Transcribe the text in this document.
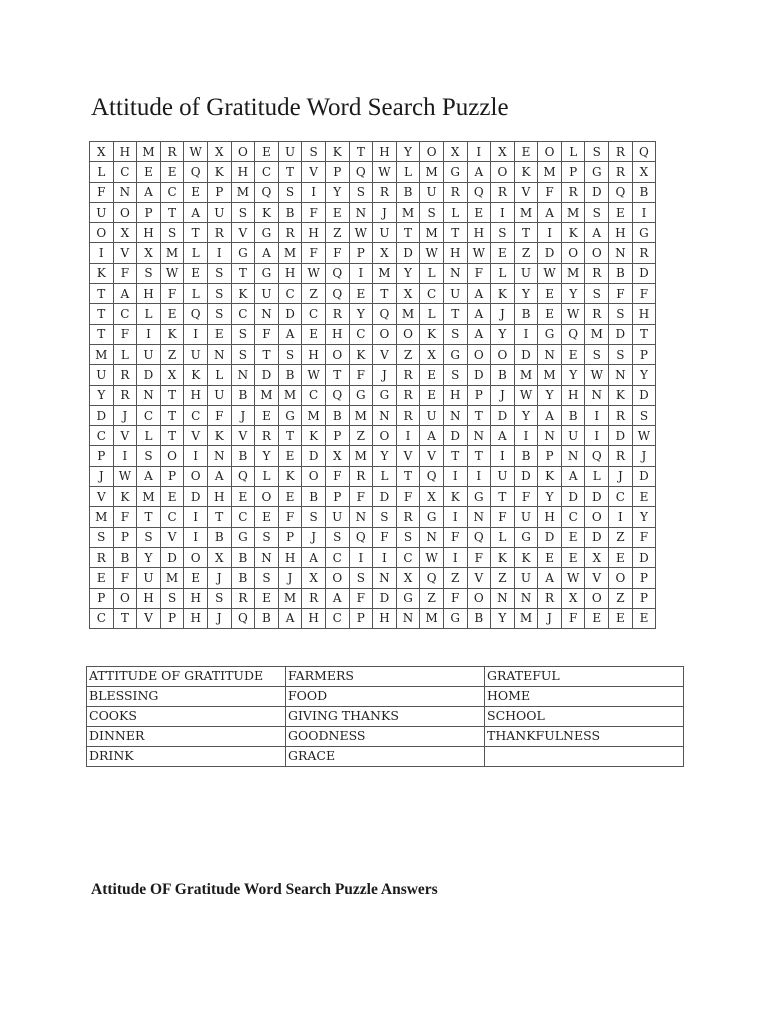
Attitude of Gratitude Word Search Puzzle
X	H	M	R	W	X	O	E	U	S	K	T	H	Y	O	X	I	X	E	O	L	S	R	Q
L	C	E	E	Q	K	H	C	T	V	P	Q	W	L	M	G	A	O	K	M	P	G	R	X
F	N	A	C	E	P	M	Q	S	I	Y	S	R	B	U	R	Q	R	V	F	R	D	Q	B
U	O	P	T	A	U	S	K	B	F	E	N	J	M	S	L	E	I	M	A	M	S	E	I
O	X	H	S	T	R	V	G	R	H	Z	W	U	T	M	T	H	S	T	I	K	A	H	G
I	V	X	M	L	I	G	A	M	F	F	P	X	D	W	H	W	E	Z	D	O	O	N	R
K	F	S	W	E	S	T	G	H	W	Q	I	M	Y	L	N	F	L	U	W	M	R	B	D
T	A	H	F	L	S	K	U	C	Z	Q	E	T	X	C	U	A	K	Y	E	Y	S	F	F
T	C	L	E	Q	S	C	N	D	C	R	Y	Q	M	L	T	A	J	B	E	W	R	S	H
T	F	I	K	I	E	S	F	A	E	H	C	O	O	K	S	A	Y	I	G	Q	M	D	T
M	L	U	Z	U	N	S	T	S	H	O	K	V	Z	X	G	O	O	D	N	E	S	S	P
U	R	D	X	K	L	N	D	B	W	T	F	J	R	E	S	D	B	M	M	Y	W	N	Y
Y	R	N	T	H	U	B	M	M	C	Q	G	G	R	E	H	P	J	W	Y	H	N	K	D
D	J	C	T	C	F	J	E	G	M	B	M	N	R	U	N	T	D	Y	A	B	I	R	S
C	V	L	T	V	K	V	R	T	K	P	Z	O	I	A	D	N	A	I	N	U	I	D	W
P	I	S	O	I	N	B	Y	E	D	X	M	Y	V	V	T	T	I	B	P	N	Q	R	J
J	W	A	P	O	A	Q	L	K	O	F	R	L	T	Q	I	I	U	D	K	A	L	J	D
V	K	M	E	D	H	E	O	E	B	P	F	D	F	X	K	G	T	F	Y	D	D	C	E
M	F	T	C	I	T	C	E	F	S	U	N	S	R	G	I	N	F	U	H	C	O	I	Y
S	P	S	V	I	B	G	S	P	J	S	Q	F	S	N	F	Q	L	G	D	E	D	Z	F
R	B	Y	D	O	X	B	N	H	A	C	I	I	C	W	I	F	K	K	E	E	X	E	D
E	F	U	M	E	J	B	S	J	X	O	S	N	X	Q	Z	V	Z	U	A	W	V	O	P
P	O	H	S	H	S	R	E	M	R	A	F	D	G	Z	F	O	N	N	R	X	O	Z	P
C	T	V	P	H	J	Q	B	A	H	C	P	H	N	M	G	B	Y	M	J	F	E	E	E
ATTITUDE OF GRATITUDE	FARMERS	GRATEFUL
BLESSING	FOOD	HOME
COOKS	GIVING THANKS	SCHOOL
DINNER	GOODNESS	THANKFULNESS
DRINK	GRACE	
Attitude OF Gratitude Word Search Puzzle Answers
